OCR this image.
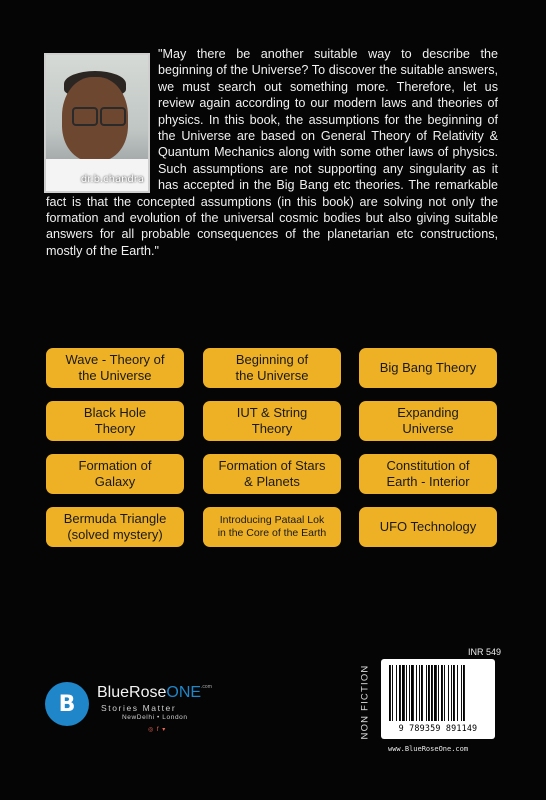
dr.b.chandra
"May there be another suitable way to describe the beginning of the Universe? To discover the suitable answers, we must search out something more. Therefore, let us review again according to our modern laws and theories of physics. In this book, the assumptions for the beginning of the Universe are based on General Theory of Relativity & Quantum Mechanics along with some other laws of physics. Such assumptions are not supporting any singularity as it has accepted in the Big Bang etc theories. The remarkable fact is that the concepted assumptions (in this book) are solving not only the formation and evolution of the universal cosmic bodies but also giving suitable answers for all probable consequences of the planetarian etc constructions, mostly of the Earth."
Wave - Theory of
the Universe
Beginning of
the Universe
Big Bang Theory
Black Hole
Theory
IUT & String
Theory
Expanding
Universe
Formation of
Galaxy
Formation of Stars
& Planets
Constitution of
Earth - Interior
Bermuda Triangle
(solved mystery)
Introducing Pataal Lok
in the Core of the Earth	UFO Technology
B	BlueRoseONE$^{.com}$
Stories Matter
NewDelhi • London
◎ f ▾	NON FICTION
INR 549
9 789359 891149
www.BlueRoseOne.com
